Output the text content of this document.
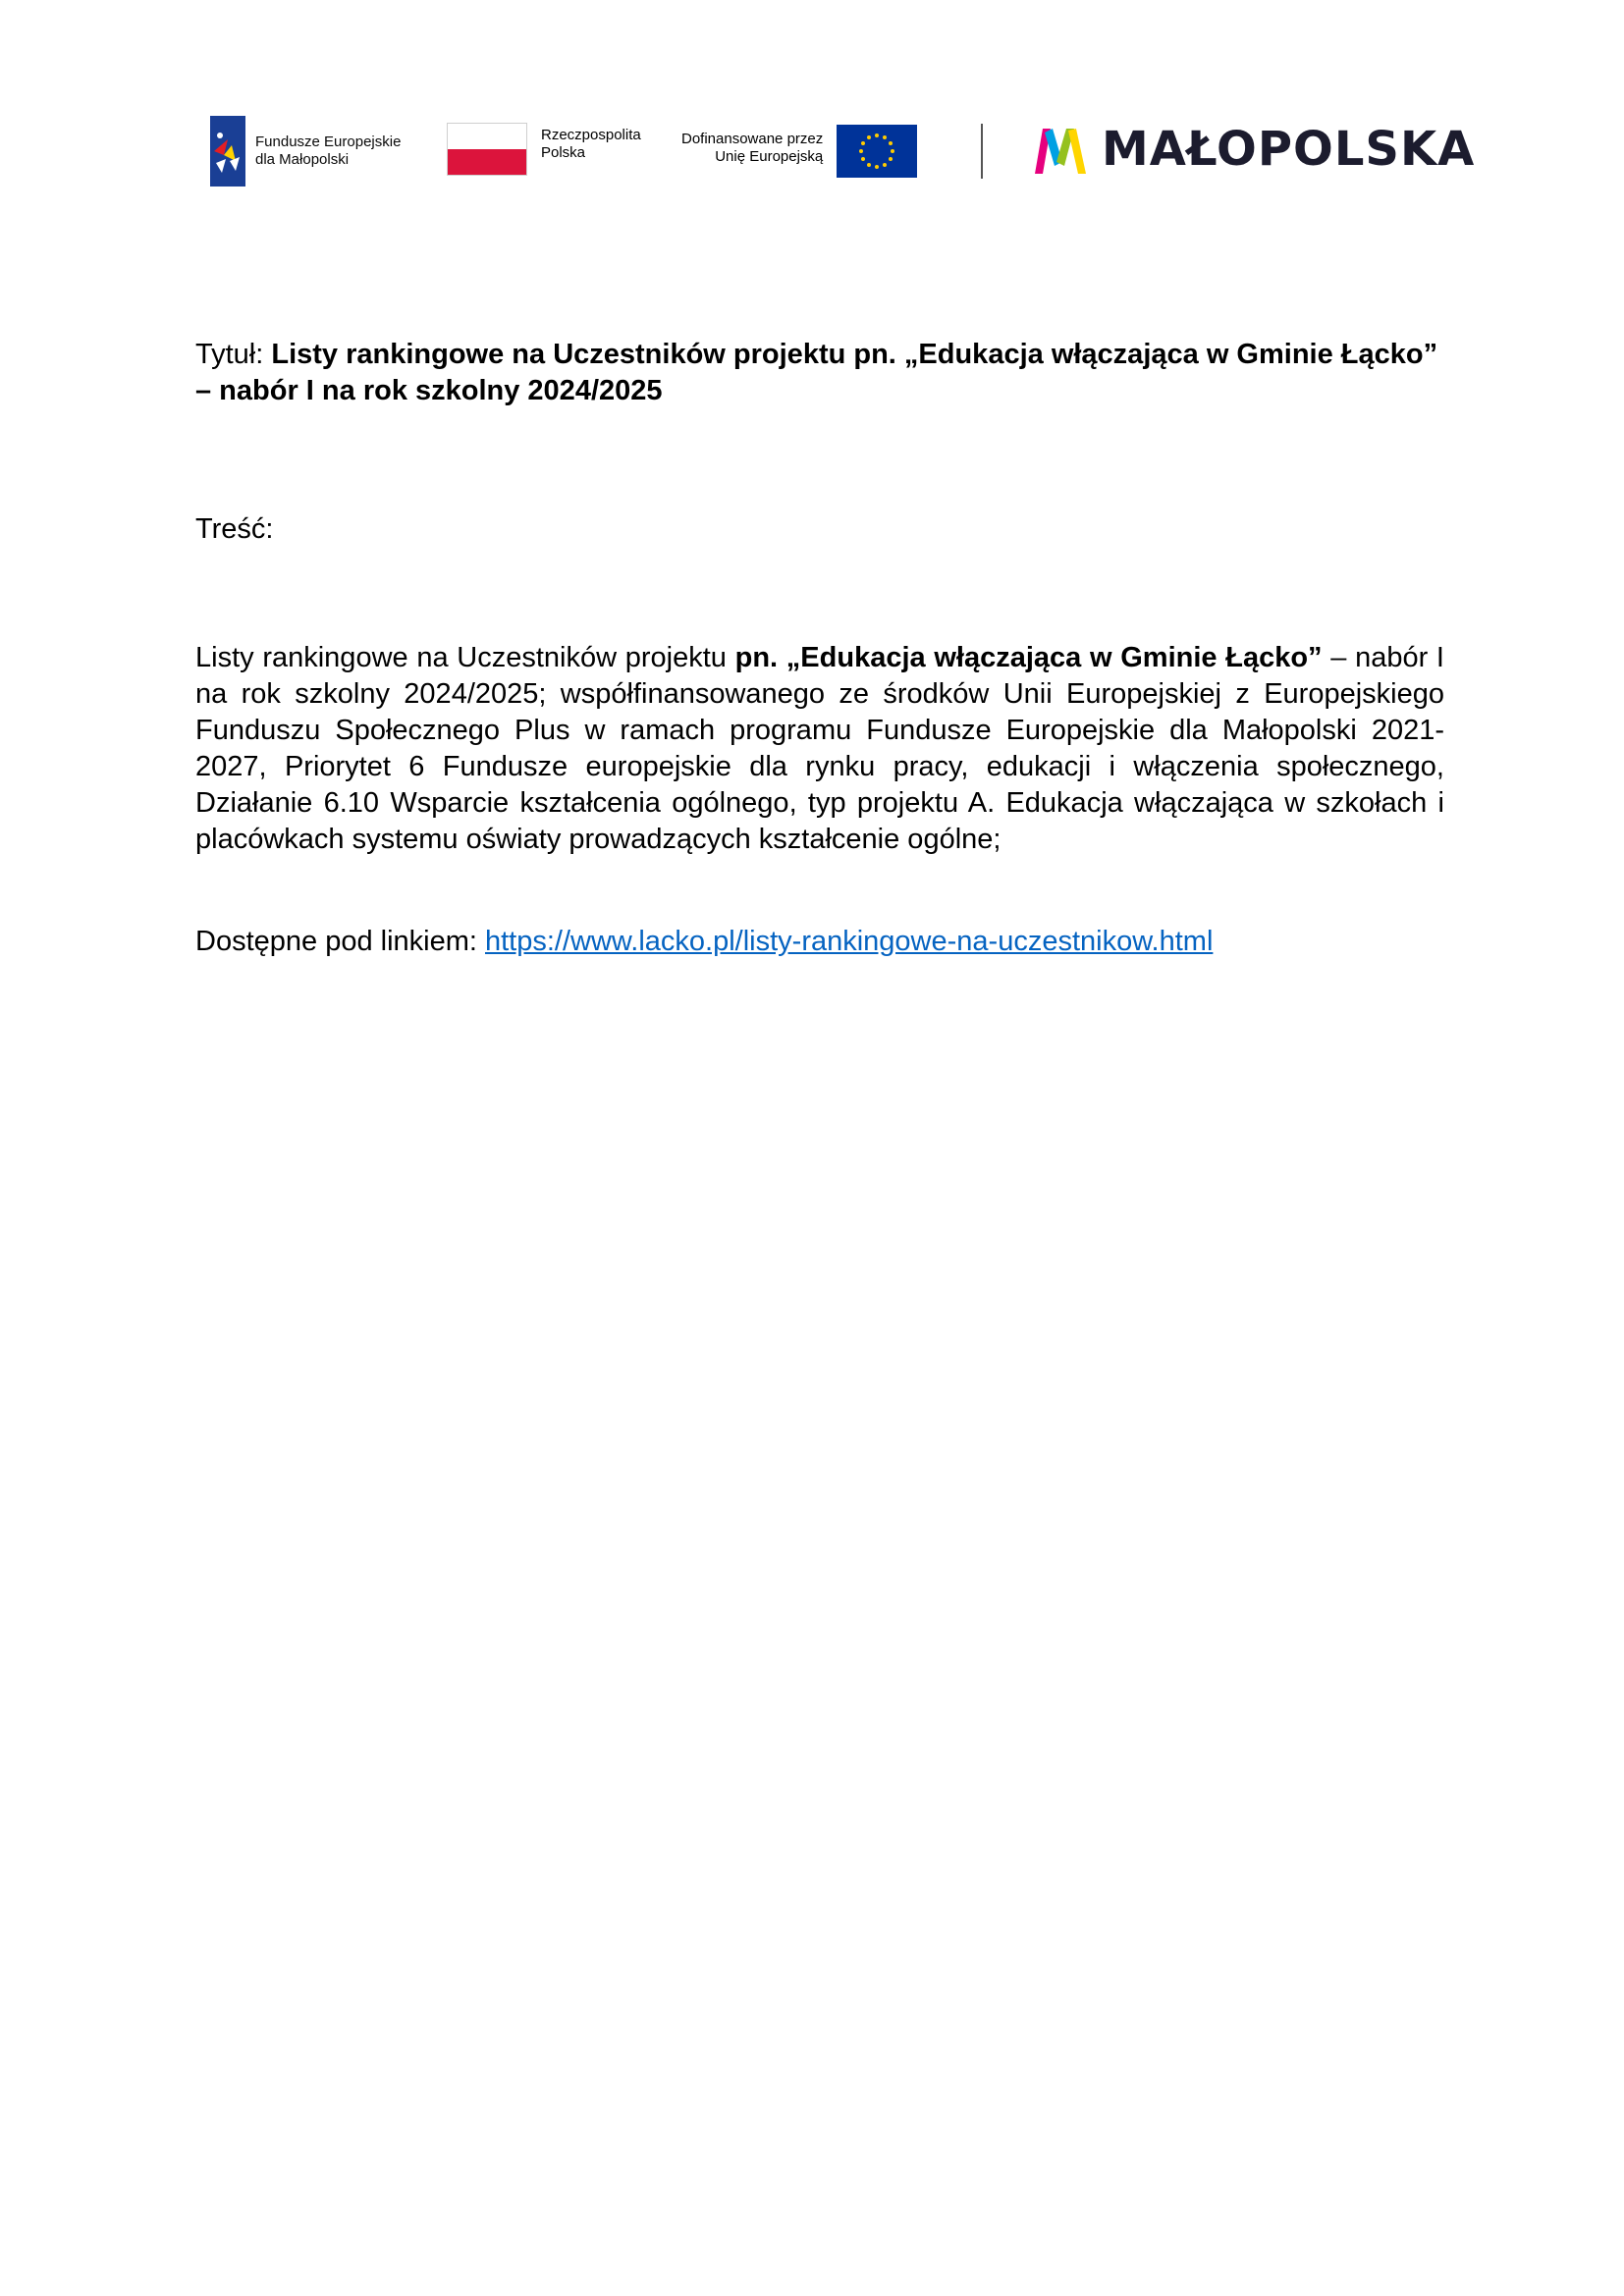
Fundusze Europejskie
dla Małopolski
Rzeczpospolita
Polska
Dofinansowane przez
Unię Europejską	MAŁOPOLSKA
Tytuł: Listy rankingowe na Uczestników projektu pn. „Edukacja włączająca w Gminie Łącko” – nabór I na rok szkolny 2024/2025
Treść:
Listy rankingowe na Uczestników projektu pn. „Edukacja włączająca w Gminie Łącko” – nabór I na rok szkolny 2024/2025; współfinansowanego ze środków Unii Europejskiej z Europejskiego Funduszu Społecznego Plus w ramach programu Fundusze Europejskie dla Małopolski 2021-2027, Priorytet 6 Fundusze europejskie dla rynku pracy, edukacji i włączenia społecznego, Działanie 6.10 Wsparcie kształcenia ogólnego, typ projektu A. Edukacja włączająca w szkołach i placówkach systemu oświaty prowadzących kształcenie ogólne;
Dostępne pod linkiem: https://www.lacko.pl/listy-rankingowe-na-uczestnikow.html
